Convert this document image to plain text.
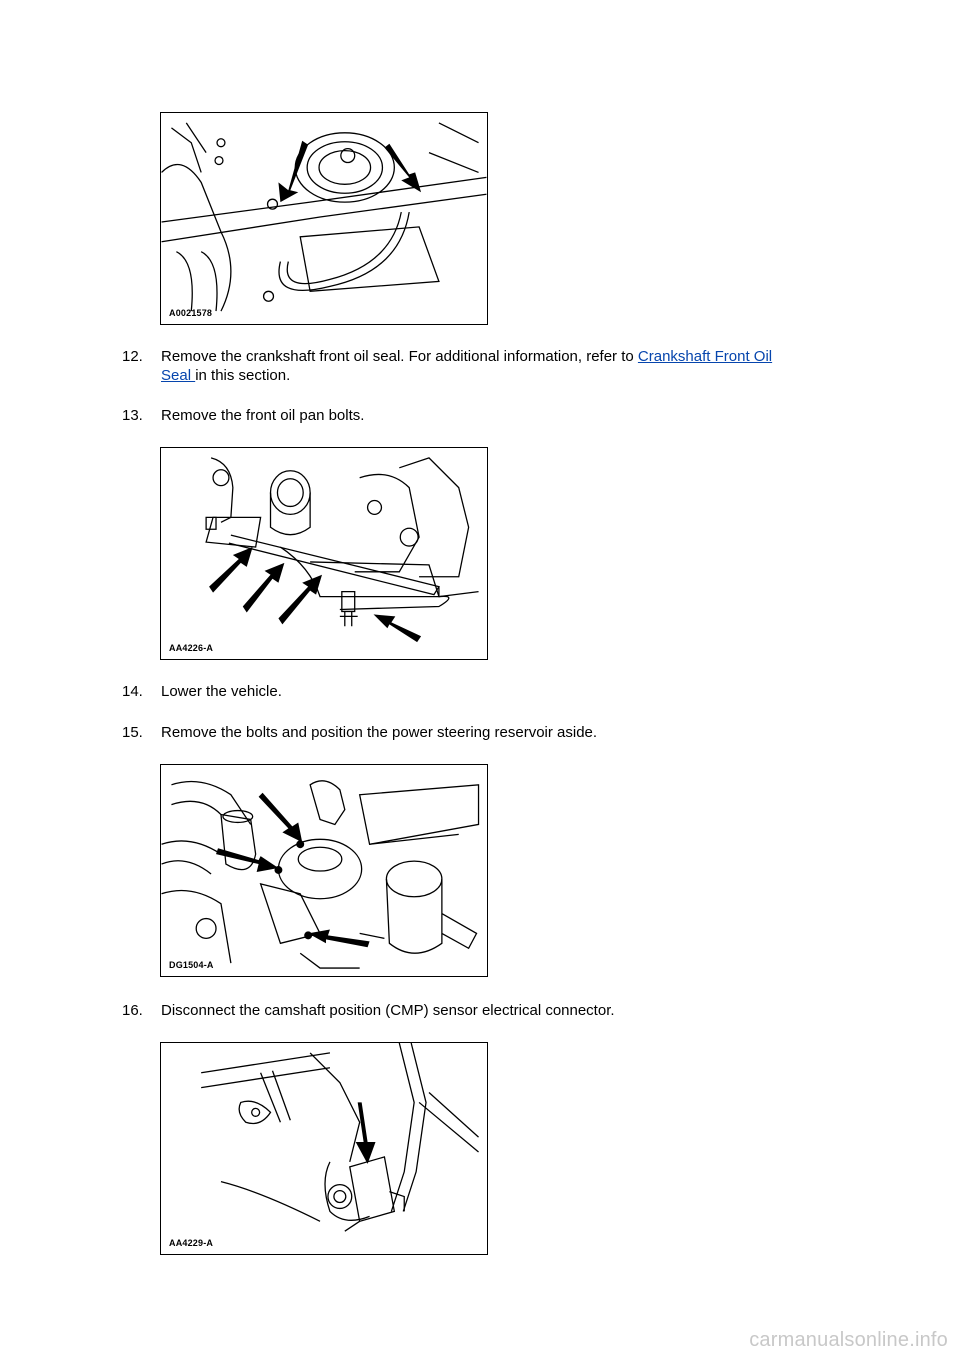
A0021578
12. Remove the crankshaft front oil seal. For additional information, refer to Crankshaft Front Oil
Seal in this section.
13. Remove the front oil pan bolts.
AA4226-A
14. Lower the vehicle.
15. Remove the bolts and position the power steering reservoir aside.
DG1504-A
16. Disconnect the camshaft position (CMP) sensor electrical connector.
AA4229-A
carmanualsonline.info
